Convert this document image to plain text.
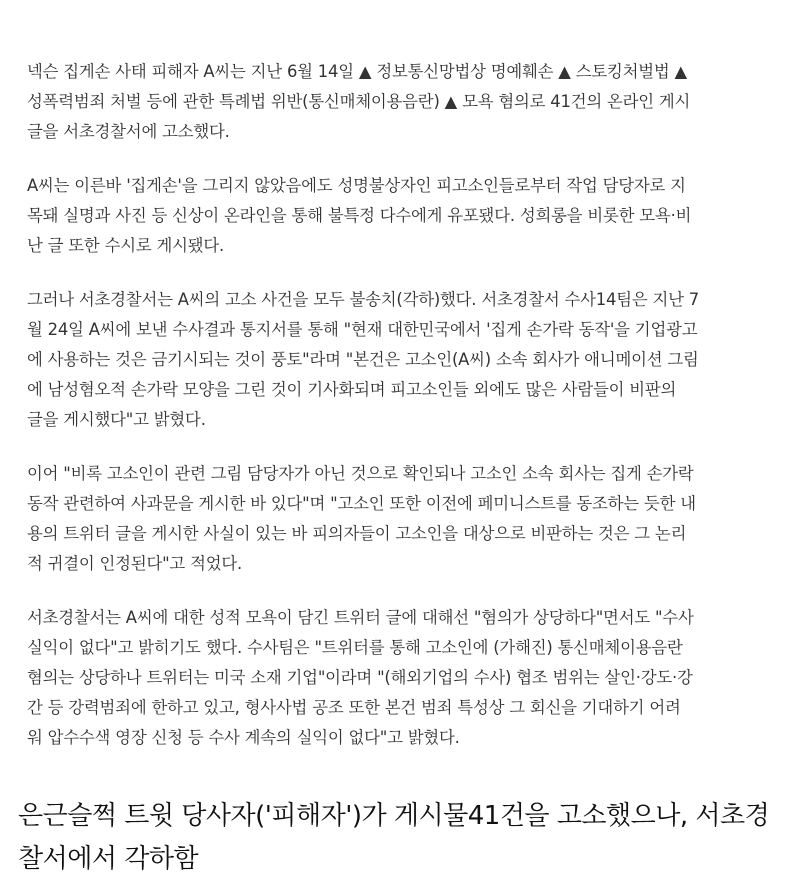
넥슨 집게손 사태 피해자 A씨는 지난 6월 14일 ▲ 정보통신망법상 명예훼손 ▲ 스토킹처벌법 ▲
성폭력범죄 처벌 등에 관한 특례법 위반(통신매체이용음란) ▲ 모욕 혐의로 41건의 온라인 게시
글을 서초경찰서에 고소했다.
A씨는 이른바 '집게손'을 그리지 않았음에도 성명불상자인 피고소인들로부터 작업 담당자로 지
목돼 실명과 사진 등 신상이 온라인을 통해 불특정 다수에게 유포됐다. 성희롱을 비롯한 모욕·비
난 글 또한 수시로 게시됐다.
그러나 서초경찰서는 A씨의 고소 사건을 모두 불송치(각하)했다. 서초경찰서 수사14팀은 지난 7
월 24일 A씨에 보낸 수사결과 통지서를 통해 "현재 대한민국에서 '집게 손가락 동작'을 기업광고
에 사용하는 것은 금기시되는 것이 풍토"라며 "본건은 고소인(A씨) 소속 회사가 애니메이션 그림
에 남성혐오적 손가락 모양을 그린 것이 기사화되며 피고소인들 외에도 많은 사람들이 비판의
글을 게시했다"고 밝혔다.
이어 "비록 고소인이 관련 그림 담당자가 아닌 것으로 확인되나 고소인 소속 회사는 집게 손가락
동작 관련하여 사과문을 게시한 바 있다"며 "고소인 또한 이전에 페미니스트를 동조하는 듯한 내
용의 트위터 글을 게시한 사실이 있는 바 피의자들이 고소인을 대상으로 비판하는 것은 그 논리
적 귀결이 인정된다"고 적었다.
서초경찰서는 A씨에 대한 성적 모욕이 담긴 트위터 글에 대해선 "혐의가 상당하다"면서도 "수사
실익이 없다"고 밝히기도 했다. 수사팀은 "트위터를 통해 고소인에 (가해진) 통신매체이용음란
혐의는 상당하나 트위터는 미국 소재 기업"이라며 "(해외기업의 수사) 협조 범위는 살인·강도·강
간 등 강력범죄에 한하고 있고, 형사사법 공조 또한 본건 범죄 특성상 그 회신을 기대하기 어려
워 압수수색 영장 신청 등 수사 계속의 실익이 없다"고 밝혔다.
은근슬쩍 트윗 당사자('피해자')가 게시물41건을 고소했으나, 서초경
찰서에서 각하함
